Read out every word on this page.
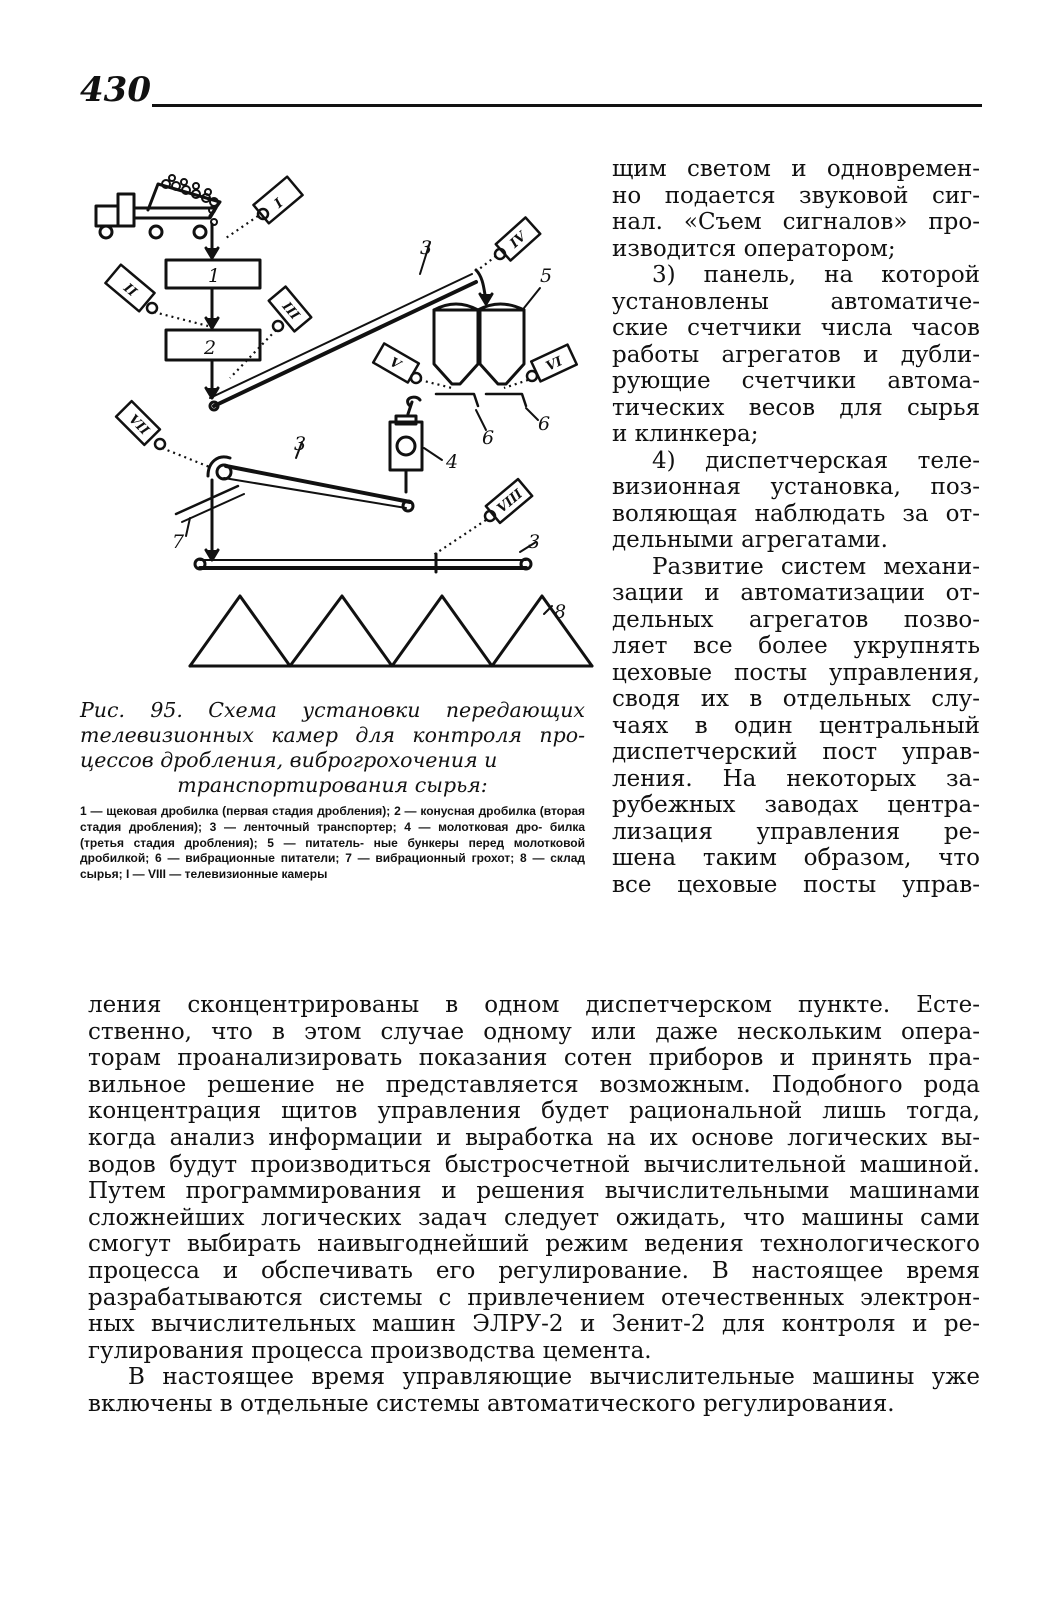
430
1
2
3
3
3
4
5
6
6
7
8
I
II
III
IV
V	VI
VII
VIII
Рис. 95. Схема установки передающих телевизионных камер для контроля про- цессов дробления, виброгрохочения и
транспортирования сырья:
1 — щековая дробилка (первая стадия дробления); 2 — конусная дробилка (вторая стадия дробления); 3 — ленточный транспортер; 4 — молотковая дро- билка (третья стадия дробления); 5 — питатель- ные бункеры перед молотковой дробилкой; 6 — вибрационные питатели; 7 — вибрационный грохот; 8 — склад сырья; I — VIII — телевизионные камеры
щим светом и одновремен-
но подается звуковой сиг-
нал. «Съем сигналов» про-
изводится оператором;
3) панель, на которой
установлены автоматиче-
ские счетчики числа часов
работы агрегатов и дубли-
рующие счетчики автома-
тических весов для сырья
и клинкера;
4) диспетчерская теле-
визионная установка, поз-
воляющая наблюдать за от-
дельными агрегатами.
Развитие систем механи-
зации и автоматизации от-
дельных агрегатов позво-
ляет все более укрупнять
цеховые посты управления,
сводя их в отдельных слу-
чаях в один центральный
диспетчерский пост управ-
ления. На некоторых за-
рубежных заводах центра-
лизация управления ре-
шена таким образом, что
все цеховые посты управ-
ления сконцентрированы в одном диспетчерском пункте. Есте-
ственно, что в этом случае одному или даже нескольким опера-
торам проанализировать показания сотен приборов и принять пра-
вильное решение не представляется возможным. Подобного рода
концентрация щитов управления будет рациональной лишь тогда,
когда анализ информации и выработка на их основе логических вы-
водов будут производиться быстросчетной вычислительной машиной.
Путем программирования и решения вычислительными машинами
сложнейших логических задач следует ожидать, что машины сами
смогут выбирать наивыгоднейший режим ведения технологического
процесса и обспечивать его регулирование. В настоящее время
разрабатываются системы с привлечением отечественных электрон-
ных вычислительных машин ЭЛРУ-2 и Зенит-2 для контроля и ре-
гулирования процесса производства цемента.
В настоящее время управляющие вычислительные машины уже
включены в отдельные системы автоматического регулирования.
